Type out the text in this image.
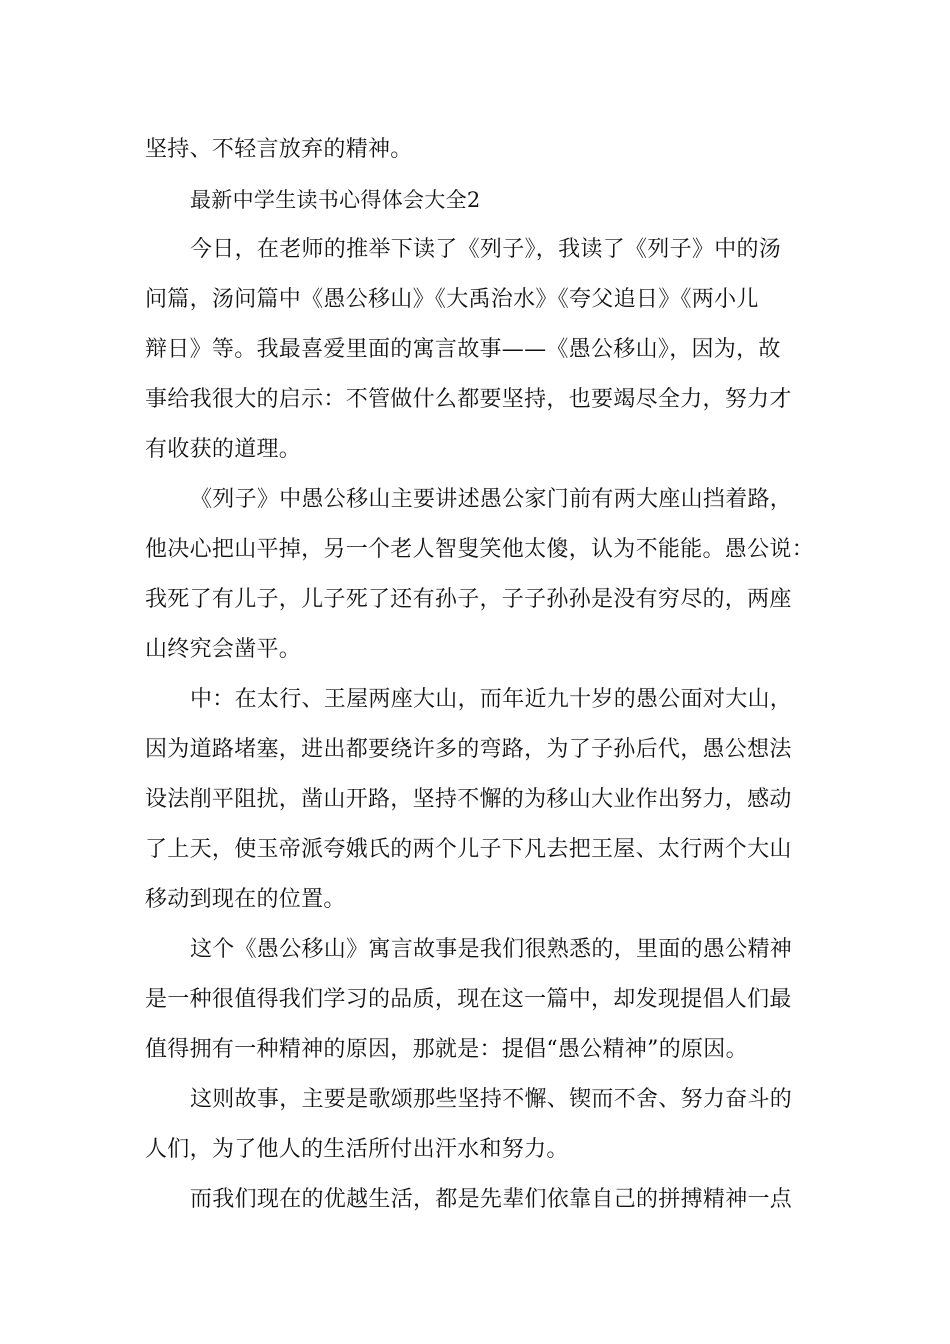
坚持、不轻言放弃的精神。
最新中学生读书心得体会大全2
今日，在老师的推举下读了《列子》，我读了《列子》中的汤
问篇，汤问篇中《愚公移山》《大禹治水》《夸父追日》《两小儿
辩日》等。我最喜爱里面的寓言故事——《愚公移山》，因为，故
事给我很大的启示：不管做什么都要坚持，也要竭尽全力，努力才
有收获的道理。
《列子》中愚公移山主要讲述愚公家门前有两大座山挡着路，
他决心把山平掉，另一个老人智叟笑他太傻，认为不能能。愚公说：
我死了有儿子，儿子死了还有孙子，子子孙孙是没有穷尽的，两座
山终究会凿平。
中：在太行、王屋两座大山，而年近九十岁的愚公面对大山，
因为道路堵塞，进出都要绕许多的弯路，为了子孙后代，愚公想法
设法削平阻扰，凿山开路，坚持不懈的为移山大业作出努力，感动
了上天，使玉帝派夸娥氏的两个儿子下凡去把王屋、太行两个大山
移动到现在的位置。
这个《愚公移山》寓言故事是我们很熟悉的，里面的愚公精神
是一种很值得我们学习的品质，现在这一篇中，却发现提倡人们最
值得拥有一种精神的原因，那就是：提倡“愚公精神”的原因。
这则故事，主要是歌颂那些坚持不懈、锲而不舍、努力奋斗的
人们，为了他人的生活所付出汗水和努力。
而我们现在的优越生活，都是先辈们依靠自己的拼搏精神一点
